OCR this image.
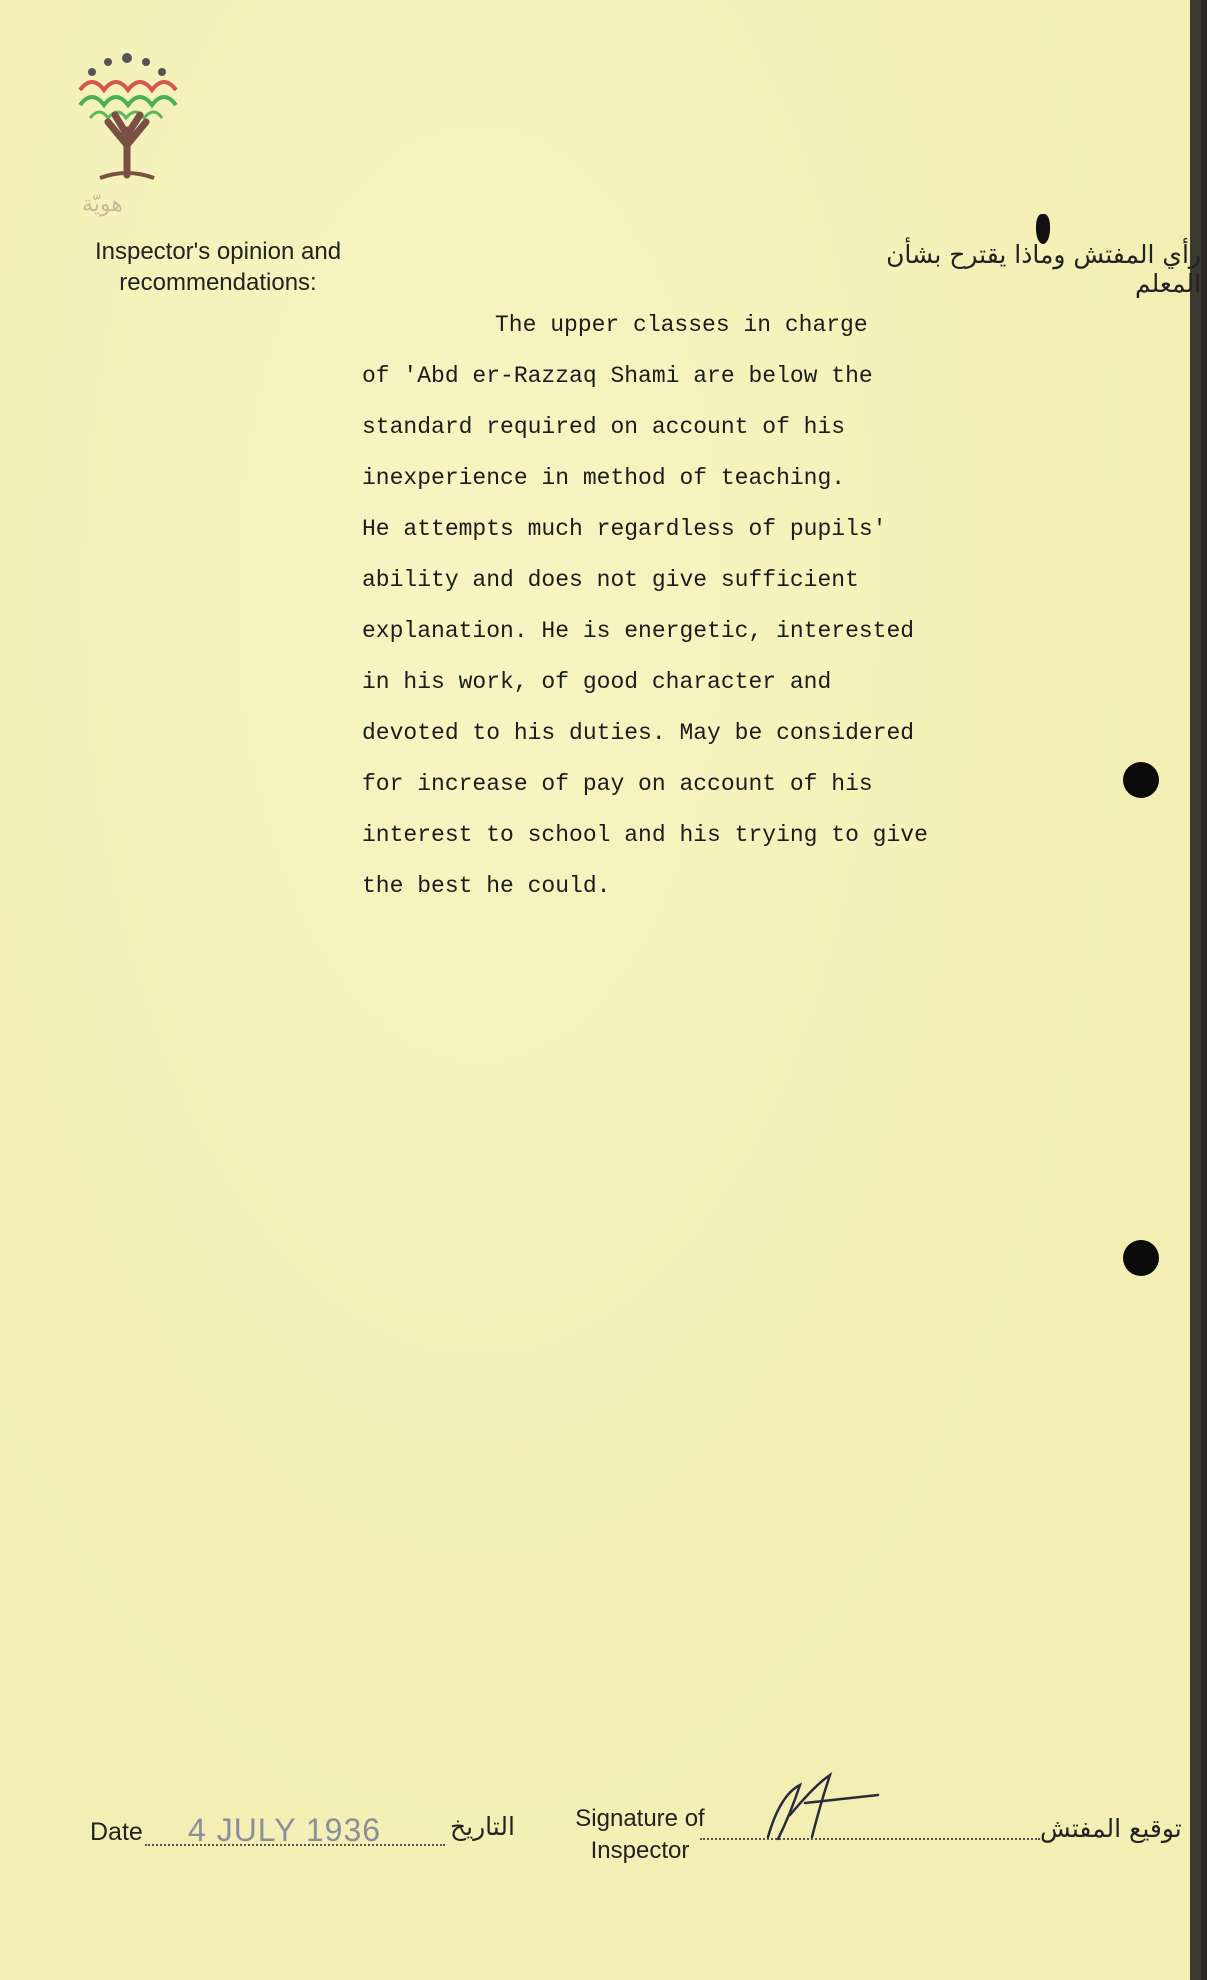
هويّة
Inspector's opinion and
recommendations:
رأي المفتش وماذا يقترح بشأن المعلم
The upper classes in charge
of 'Abd er-Razzaq Shami are below the
standard required on account of his
inexperience in method of teaching.
He attempts much regardless of pupils'
ability and does not give sufficient
explanation. He is energetic, interested
in his work, of good character and
devoted to his duties. May be considered
for increase of pay on account of his
interest to school and his trying to give
the best he could.
Date 4 JULY 1936	التاريخ	Signature of
Inspector
توقيع المفتش
